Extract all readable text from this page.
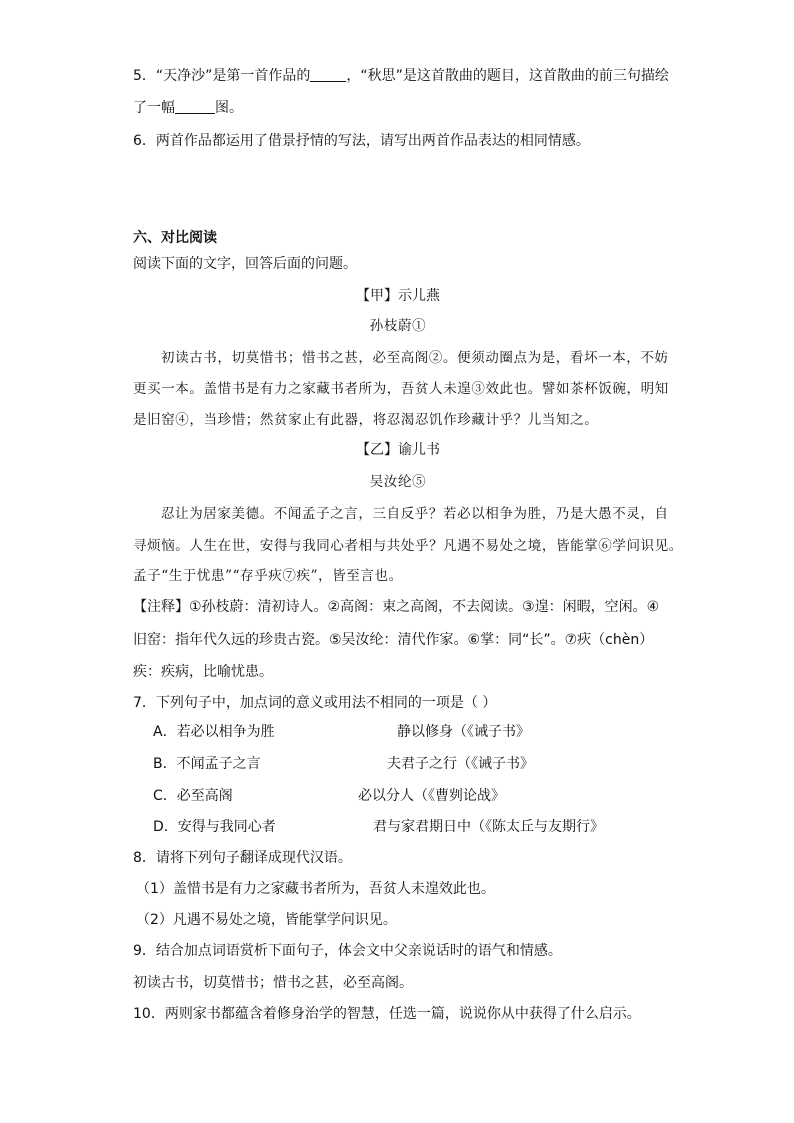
5．“天净沙”是第一首作品的	，“秋思”是这首散曲的题目，这首散曲的前三句描绘
了一幅	图。
6．两首作品都运用了借景抒情的写法，请写出两首作品表达的相同情感。
六、对比阅读
阅读下面的文字，回答后面的问题。
【甲】示儿燕
孙枝蔚①
初读古书，切莫惜书；惜书之甚，必至高阁②。便须动圈点为是，看坏一本，不妨
更买一本。盖惜书是有力之家藏书者所为，吾贫人未遑③效此也。譬如茶杯饭碗，明知
是旧窑④，当珍惜；然贫家止有此器，将忍渴忍饥作珍藏计乎？儿当知之。
【乙】谕儿书
吴汝纶⑤
忍让为居家美德。不闻孟子之言，三自反乎？若必以相争为胜，乃是大愚不灵，自
寻烦恼。人生在世，安得与我同心者相与共处乎？凡遇不易处之境，皆能掌⑥学问识见。
孟子“生于忧患”“存乎疢⑦疾”，皆至言也。
【注释】①孙枝蔚：清初诗人。②高阁：束之高阁，不去阅读。③遑：闲暇，空闲。④
旧窑：指年代久远的珍贵古瓷。⑤吴汝纶：清代作家。⑥掌：同“长”。⑦疢（chèn）
疾：疾病，比喻忧患。
7．下列句子中，加点词的意义或用法不相同的一项是（ ）
A．若必以相争为胜	静以修身（《诫子书》
B．不闻孟子之言	夫君子之行（《诫子书》
C．必至高阁	必以分人（《曹刿论战》
D．安得与我同心者	君与家君期日中（《陈太丘与友期行》
8．请将下列句子翻译成现代汉语。
（1）盖惜书是有力之家藏书者所为，吾贫人未遑效此也。
（2）凡遇不易处之境，皆能掌学问识见。
9．结合加点词语赏析下面句子，体会文中父亲说话时的语气和情感。
初读古书，切莫惜书；惜书之甚，必至高阁。
10．两则家书都蕴含着修身治学的智慧，任选一篇，说说你从中获得了什么启示。
